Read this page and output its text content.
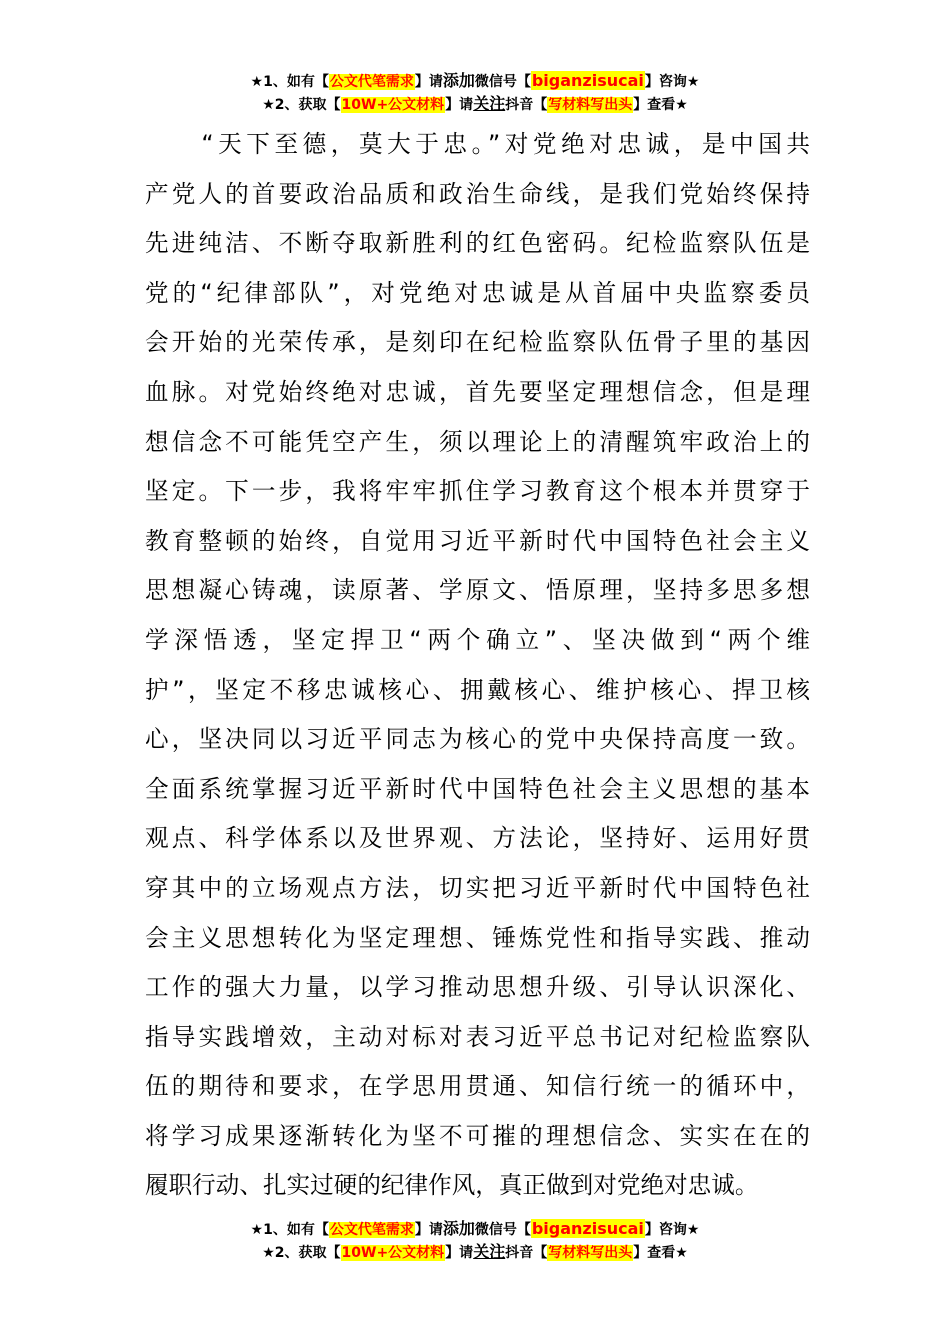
★1、如有【公文代笔需求】请添加微信号【biganzisucai】咨询★
★2、获取【10W+公文材料】请关注抖音【写材料写出头】查看★
　　“天下至德，莫大于忠。”对党绝对忠诚，是中国共
产党人的首要政治品质和政治生命线，是我们党始终保持
先进纯洁、不断夺取新胜利的红色密码。纪检监察队伍是
党的“纪律部队”，对党绝对忠诚是从首届中央监察委员
会开始的光荣传承，是刻印在纪检监察队伍骨子里的基因
血脉。对党始终绝对忠诚，首先要坚定理想信念，但是理
想信念不可能凭空产生，须以理论上的清醒筑牢政治上的
坚定。下一步，我将牢牢抓住学习教育这个根本并贯穿于
教育整顿的始终，自觉用习近平新时代中国特色社会主义
思想凝心铸魂，读原著、学原文、悟原理，坚持多思多想
学深悟透，坚定捍卫“两个确立”、坚决做到“两个维
护”，坚定不移忠诚核心、拥戴核心、维护核心、捍卫核
心，坚决同以习近平同志为核心的党中央保持高度一致。
全面系统掌握习近平新时代中国特色社会主义思想的基本
观点、科学体系以及世界观、方法论，坚持好、运用好贯
穿其中的立场观点方法，切实把习近平新时代中国特色社
会主义思想转化为坚定理想、锤炼党性和指导实践、推动
工作的强大力量，以学习推动思想升级、引导认识深化、
指导实践增效，主动对标对表习近平总书记对纪检监察队
伍的期待和要求，在学思用贯通、知信行统一的循环中，
将学习成果逐渐转化为坚不可摧的理想信念、实实在在的
履职行动、扎实过硬的纪律作风，真正做到对党绝对忠诚。
★1、如有【公文代笔需求】请添加微信号【biganzisucai】咨询★
★2、获取【10W+公文材料】请关注抖音【写材料写出头】查看★
